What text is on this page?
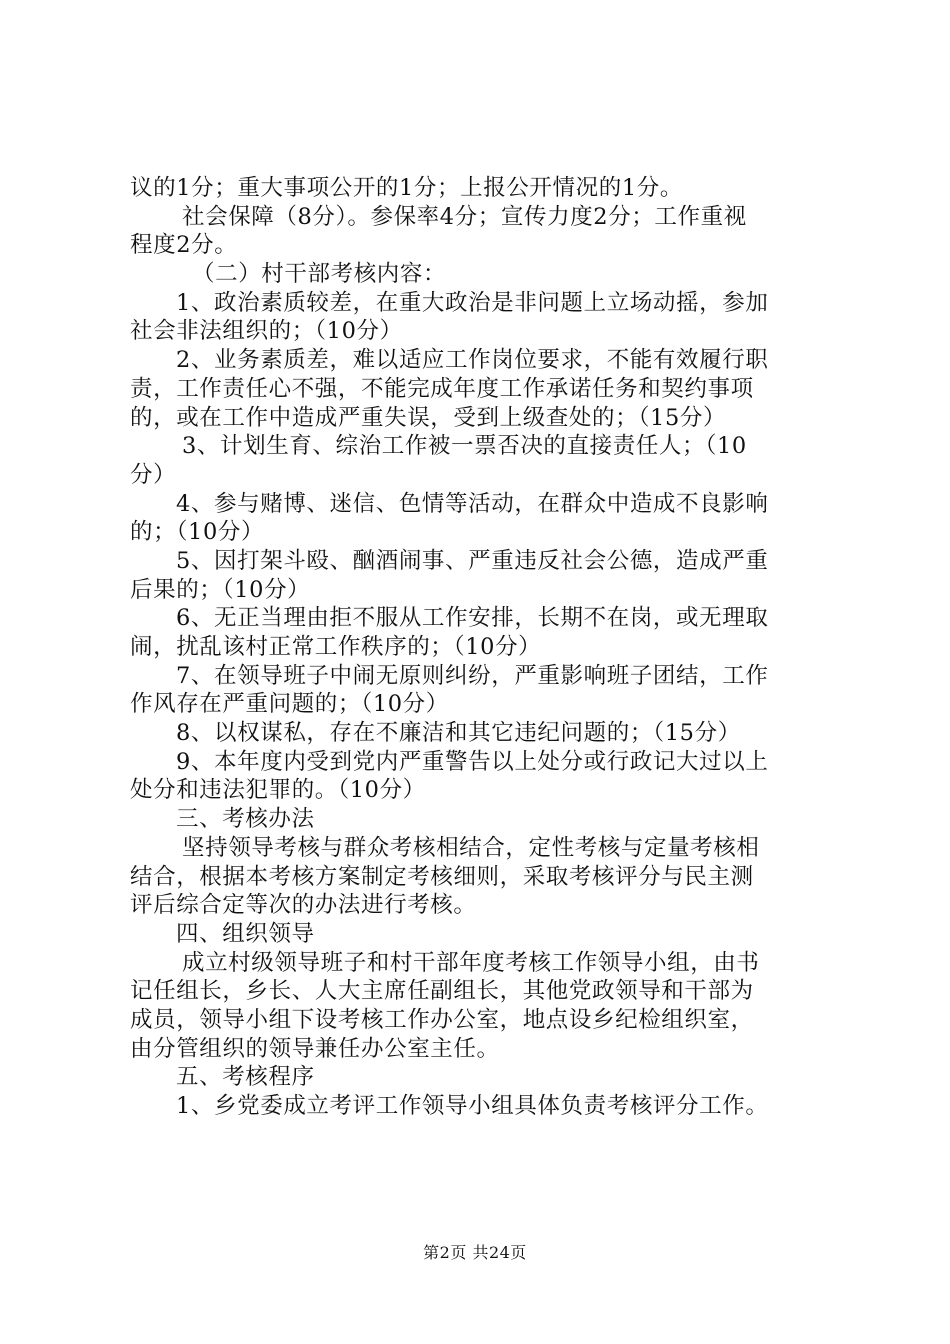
议的1分；重大事项公开的1分；上报公开情况的1分。
社会保障（8分）。参保率4分；宣传力度2分；工作重视
程度2分。
（二）村干部考核内容：
1、政治素质较差，在重大政治是非问题上立场动摇，参加
社会非法组织的；（10分）
2、业务素质差，难以适应工作岗位要求，不能有效履行职
责，工作责任心不强，不能完成年度工作承诺任务和契约事项
的，或在工作中造成严重失误，受到上级查处的；（15分）
3、计划生育、综治工作被一票否决的直接责任人；（10
分）
4、参与赌博、迷信、色情等活动，在群众中造成不良影响
的；（10分）
5、因打架斗殴、酗酒闹事、严重违反社会公德，造成严重
后果的；（10分）
6、无正当理由拒不服从工作安排，长期不在岗，或无理取
闹，扰乱该村正常工作秩序的；（10分）
7、在领导班子中闹无原则纠纷，严重影响班子团结，工作
作风存在严重问题的；（10分）
8、以权谋私，存在不廉洁和其它违纪问题的；（15分）
9、本年度内受到党内严重警告以上处分或行政记大过以上
处分和违法犯罪的。（10分）
三、考核办法
坚持领导考核与群众考核相结合，定性考核与定量考核相
结合，根据本考核方案制定考核细则，采取考核评分与民主测
评后综合定等次的办法进行考核。
四、组织领导
成立村级领导班子和村干部年度考核工作领导小组，由书
记任组长，乡长、人大主席任副组长，其他党政领导和干部为
成员，领导小组下设考核工作办公室，地点设乡纪检组织室，
由分管组织的领导兼任办公室主任。
五、考核程序
1、乡党委成立考评工作领导小组具体负责考核评分工作。
第2页 共24页
